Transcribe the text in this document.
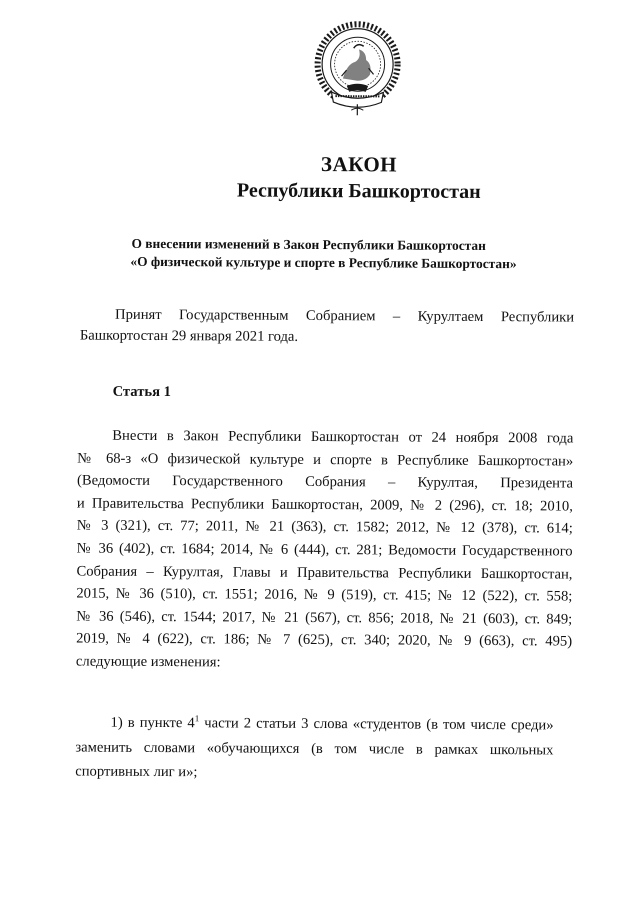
ЗАКОН
Республики Башкортостан
О внесении изменений в Закон Республики Башкортостан
«О физической культуре и спорте в Республике Башкортостан»
Принят Государственным Собранием – Курултаем Республики
Башкортостан 29 января 2021 года.
Статья 1
Внести в Закон Республики Башкортостан от 24 ноября 2008 года
№ 68-з «О физической культуре и спорте в Республике Башкортостан»
(Ведомости Государственного Собрания – Курултая, Президента
и Правительства Республики Башкортостан, 2009, № 2 (296), ст. 18; 2010,
№ 3 (321), ст. 77; 2011, № 21 (363), ст. 1582; 2012, № 12 (378), ст. 614;
№ 36 (402), ст. 1684; 2014, № 6 (444), ст. 281; Ведомости Государственного
Собрания – Курултая, Главы и Правительства Республики Башкортостан,
2015, № 36 (510), ст. 1551; 2016, № 9 (519), ст. 415; № 12 (522), ст. 558;
№ 36 (546), ст. 1544; 2017, № 21 (567), ст. 856; 2018, № 21 (603), ст. 849;
2019, № 4 (622), ст. 186; № 7 (625), ст. 340; 2020, № 9 (663), ст. 495)
следующие изменения:
1) в пункте $4^1$ части 2 статьи 3 слова «студентов (в том числе среди»
заменить словами «обучающихся (в том числе в рамках школьных
спортивных лиг и»;
